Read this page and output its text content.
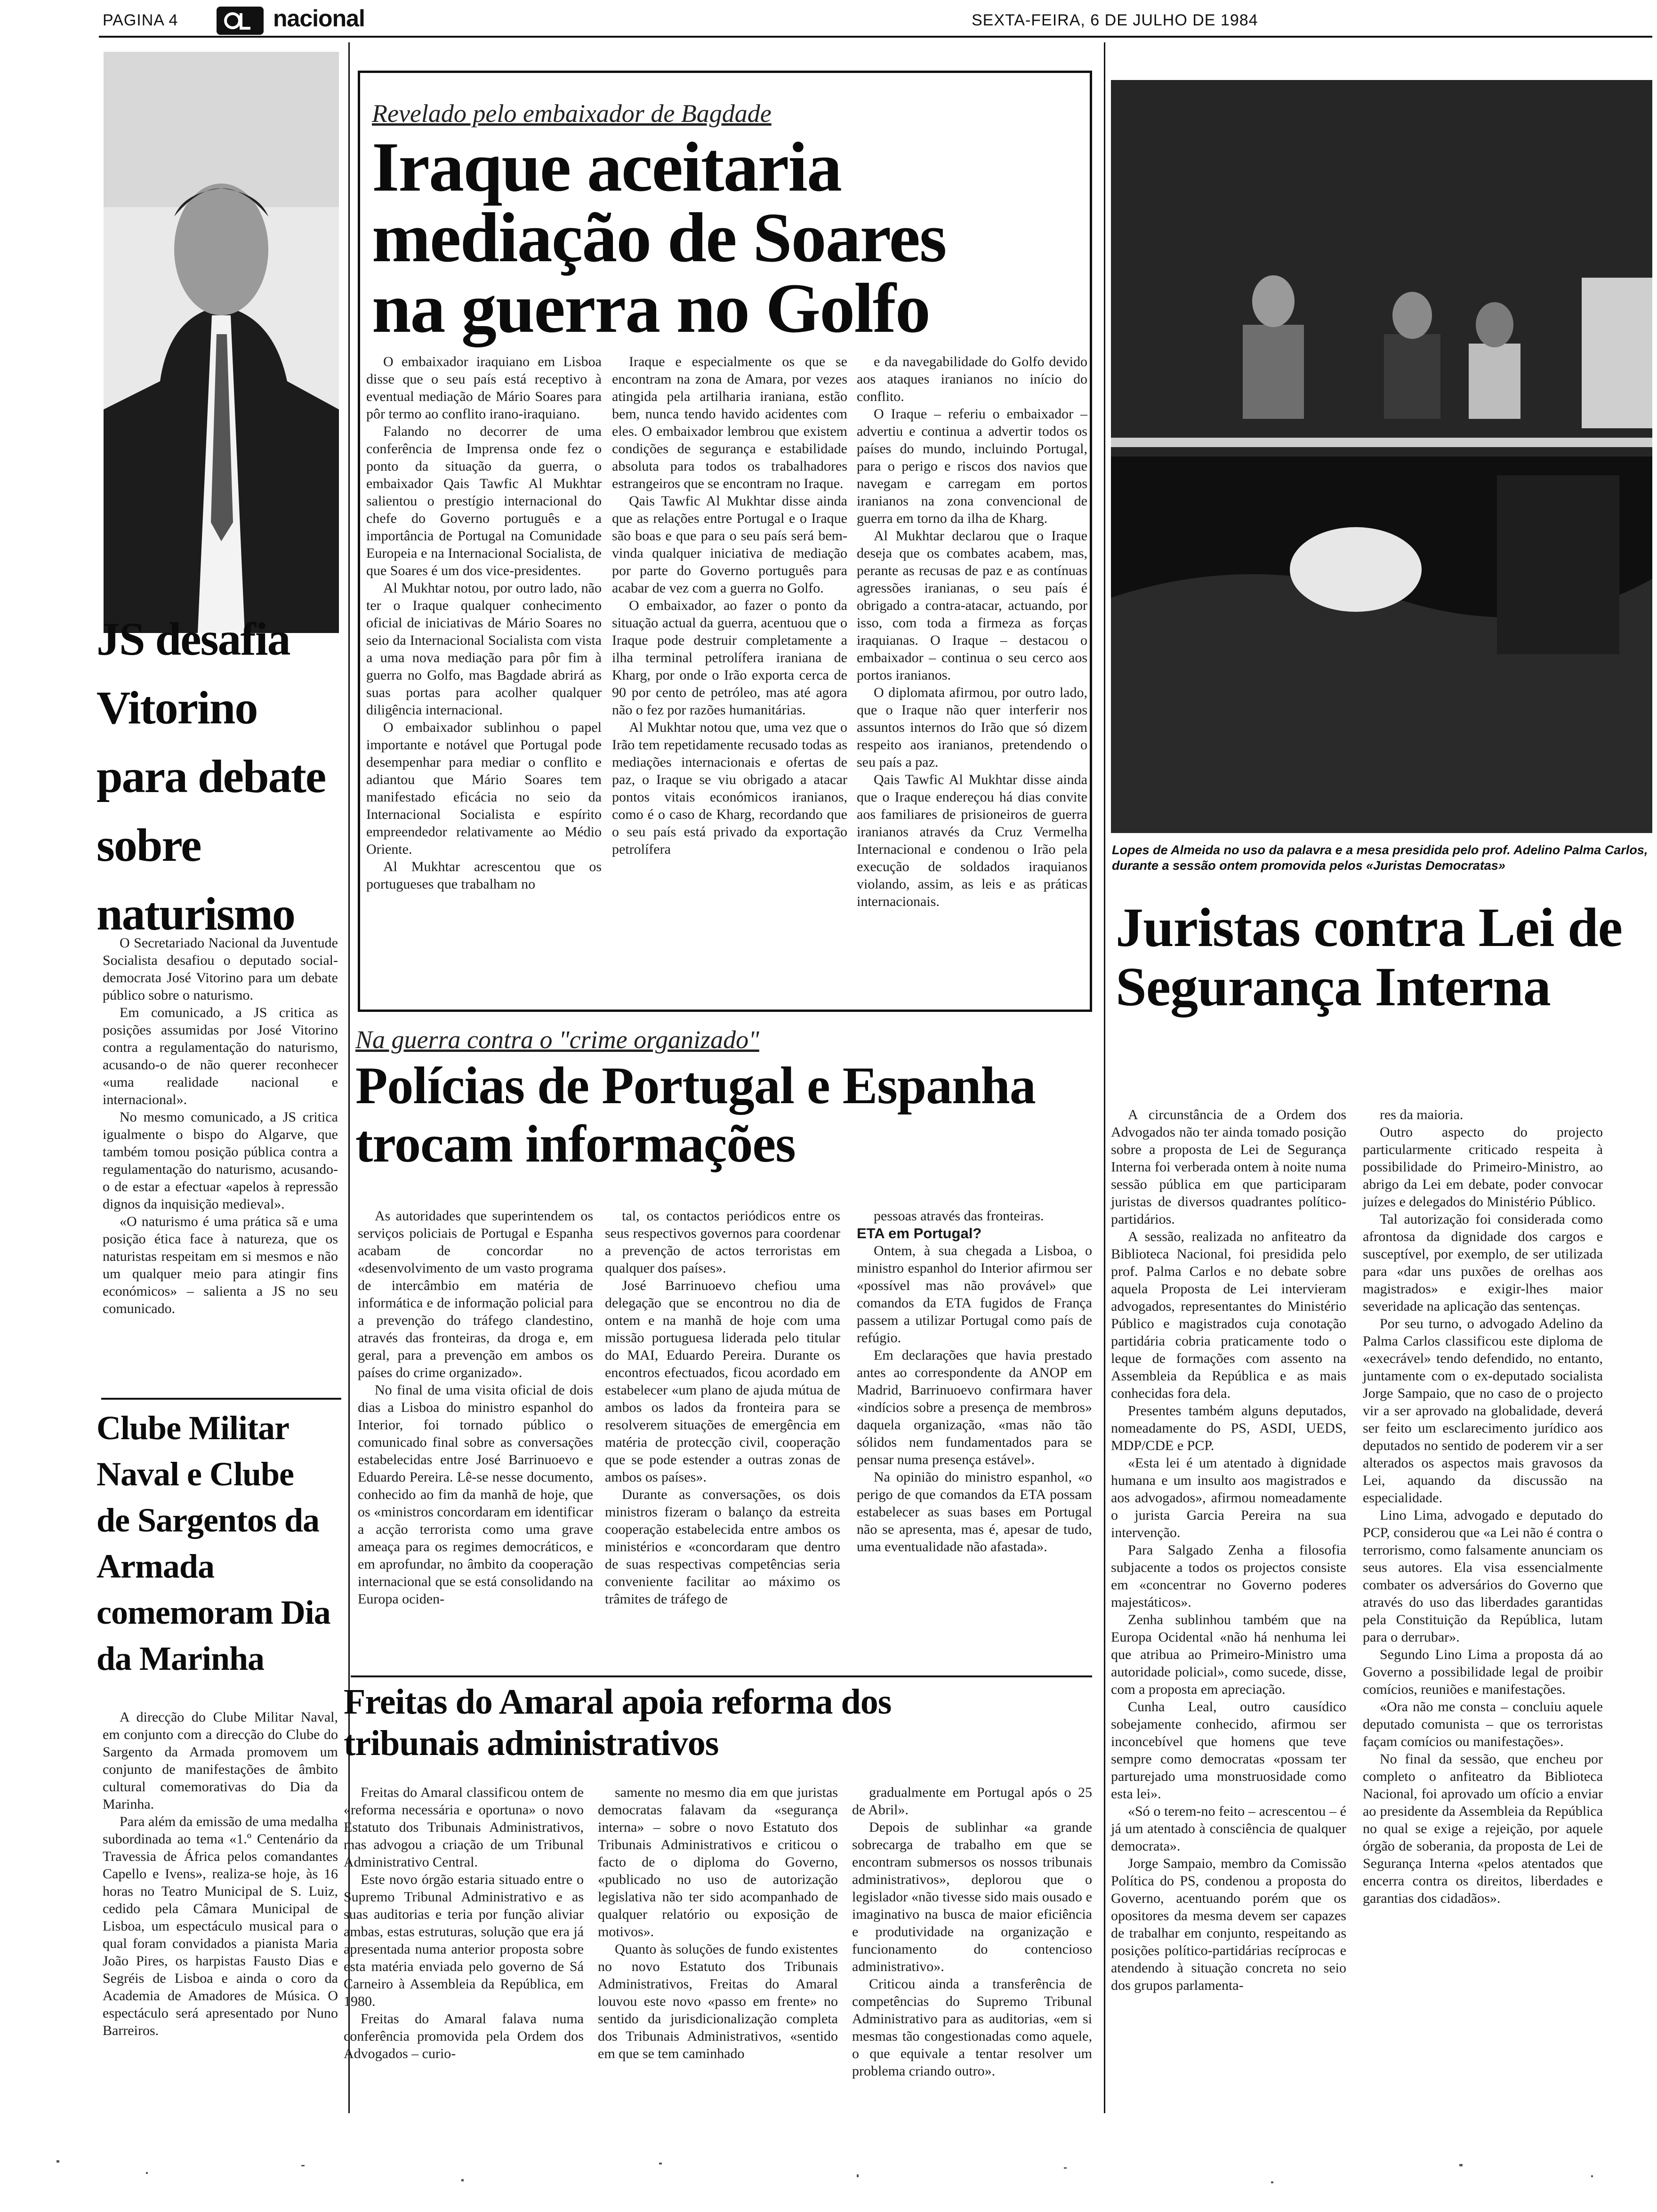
PAGINA 4	nacional	SEXTA-FEIRA, 6 DE JULHO DE 1984
JS desafia Vitorino para debate sobre naturismo

O Secretariado Nacional da Juventude Socialista desafiou o deputado social-democrata José Vitorino para um debate público sobre o naturismo.

Em comunicado, a JS critica as posições assumidas por José Vitorino contra a regulamentação do naturismo, acusando-o de não querer reconhecer «uma realidade nacional e internacional».

No mesmo comunicado, a JS critica igualmente o bispo do Algarve, que também tomou posição pública contra a regulamentação do naturismo, acusando-o de estar a efectuar «apelos à repressão dignos da inquisição medieval».

«O naturismo é uma prática sã e uma posição ética face à natureza, que os naturistas respeitam em si mesmos e não um qualquer meio para atingir fins económicos» – salienta a JS no seu comunicado.

Clube Militar Naval e Clube de Sargentos da Armada comemoram Dia da Marinha

A direcção do Clube Militar Naval, em conjunto com a direcção do Clube do Sargento da Armada promovem um conjunto de manifestações de âmbito cultural comemorativas do Dia da Marinha.

Para além da emissão de uma medalha subordinada ao tema «1.º Centenário da Travessia de África pelos comandantes Capello e Ivens», realiza-se hoje, às 16 horas no Teatro Municipal de S. Luiz, cedido pela Câmara Municipal de Lisboa, um espectáculo musical para o qual foram convidados a pianista Maria João Pires, os harpistas Fausto Dias e Segréis de Lisboa e ainda o coro da Academia de Amadores de Música. O espectáculo será apresentado por Nuno Barreiros.

Revelado pelo embaixador de Bagdade
Iraque aceitaria mediação de Soares na guerra no Golfo

O embaixador iraquiano em Lisboa disse que o seu país está receptivo à eventual mediação de Mário Soares para pôr termo ao conflito irano-iraquiano.

Falando no decorrer de uma conferência de Imprensa onde fez o ponto da situação da guerra, o embaixador Qais Tawfic Al Mukhtar salientou o prestígio internacional do chefe do Governo português e a importância de Portugal na Comunidade Europeia e na Internacional Socialista, de que Soares é um dos vice-presidentes.

Al Mukhtar notou, por outro lado, não ter o Iraque qualquer conhecimento oficial de iniciativas de Mário Soares no seio da Internacional Socialista com vista a uma nova mediação para pôr fim à guerra no Golfo, mas Bagdade abrirá as suas portas para acolher qualquer diligência internacional.

O embaixador sublinhou o papel importante e notável que Portugal pode desempenhar para mediar o conflito e adiantou que Mário Soares tem manifestado eficácia no seio da Internacional Socialista e espírito empreendedor relativamente ao Médio Oriente.

Al Mukhtar acrescentou que os portugueses que trabalham no

Iraque e especialmente os que se encontram na zona de Amara, por vezes atingida pela artilharia iraniana, estão bem, nunca tendo havido acidentes com eles. O embaixador lembrou que existem condições de segurança e estabilidade absoluta para todos os trabalhadores estrangeiros que se encontram no Iraque.

Qais Tawfic Al Mukhtar disse ainda que as relações entre Portugal e o Iraque são boas e que para o seu país será bem-vinda qualquer iniciativa de mediação por parte do Governo português para acabar de vez com a guerra no Golfo.

O embaixador, ao fazer o ponto da situação actual da guerra, acentuou que o Iraque pode destruir completamente a ilha terminal petrolífera iraniana de Kharg, por onde o Irão exporta cerca de 90 por cento de petróleo, mas até agora não o fez por razões humanitárias.

Al Mukhtar notou que, uma vez que o Irão tem repetidamente recusado todas as mediações internacionais e ofertas de paz, o Iraque se viu obrigado a atacar pontos vitais económicos iranianos, como é o caso de Kharg, recordando que o seu país está privado da exportação petrolífera

e da navegabilidade do Golfo devido aos ataques iranianos no início do conflito.

O Iraque – referiu o embaixador – advertiu e continua a advertir todos os países do mundo, incluindo Portugal, para o perigo e riscos dos navios que navegam e carregam em portos iranianos na zona convencional de guerra em torno da ilha de Kharg.

Al Mukhtar declarou que o Iraque deseja que os combates acabem, mas, perante as recusas de paz e as contínuas agressões iranianas, o seu país é obrigado a contra-atacar, actuando, por isso, com toda a firmeza as forças iraquianas. O Iraque – destacou o embaixador – continua o seu cerco aos portos iranianos.

O diplomata afirmou, por outro lado, que o Iraque não quer interferir nos assuntos internos do Irão que só dizem respeito aos iranianos, pretendendo o seu país a paz.

Qais Tawfic Al Mukhtar disse ainda que o Iraque endereçou há dias convite aos familiares de prisioneiros de guerra iranianos através da Cruz Vermelha Internacional e condenou o Irão pela execução de soldados iraquianos violando, assim, as leis e as práticas internacionais.

Na guerra contra o "crime organizado"
Polícias de Portugal e Espanha trocam informações

As autoridades que superintendem os serviços policiais de Portugal e Espanha acabam de concordar no «desenvolvimento de um vasto programa de intercâmbio em matéria de informática e de informação policial para a prevenção do tráfego clandestino, através das fronteiras, da droga e, em geral, para a prevenção em ambos os países do crime organizado».

No final de uma visita oficial de dois dias a Lisboa do ministro espanhol do Interior, foi tornado público o comunicado final sobre as conversações estabelecidas entre José Barrinuoevo e Eduardo Pereira. Lê-se nesse documento, conhecido ao fim da manhã de hoje, que os «ministros concordaram em identificar a acção terrorista como uma grave ameaça para os regimes democráticos, e em aprofundar, no âmbito da cooperação internacional que se está consolidando na Europa ociden-

tal, os contactos periódicos entre os seus respectivos governos para coordenar a prevenção de actos terroristas em qualquer dos países».

José Barrinuoevo chefiou uma delegação que se encontrou no dia de ontem e na manhã de hoje com uma missão portuguesa liderada pelo titular do MAI, Eduardo Pereira. Durante os encontros efectuados, ficou acordado em estabelecer «um plano de ajuda mútua de ambos os lados da fronteira para se resolverem situações de emergência em matéria de protecção civil, cooperação que se pode estender a outras zonas de ambos os países».

Durante as conversações, os dois ministros fizeram o balanço da estreita cooperação estabelecida entre ambos os ministérios e «concordaram que dentro de suas respectivas competências seria conveniente facilitar ao máximo os trâmites de tráfego de

pessoas através das fronteiras.

ETA em Portugal?

Ontem, à sua chegada a Lisboa, o ministro espanhol do Interior afirmou ser «possível mas não provável» que comandos da ETA fugidos de França passem a utilizar Portugal como país de refúgio.

Em declarações que havia prestado antes ao correspondente da ANOP em Madrid, Barrinuoevo confirmara haver «indícios sobre a presença de membros» daquela organização, «mas não tão sólidos nem fundamentados para se pensar numa presença estável».

Na opinião do ministro espanhol, «o perigo de que comandos da ETA possam estabelecer as suas bases em Portugal não se apresenta, mas é, apesar de tudo, uma eventualidade não afastada».

Freitas do Amaral apoia reforma dos tribunais administrativos

Freitas do Amaral classificou ontem de «reforma necessária e oportuna» o novo Estatuto dos Tribunais Administrativos, mas advogou a criação de um Tribunal Administrativo Central.

Este novo órgão estaria situado entre o Supremo Tribunal Administrativo e as suas auditorias e teria por função aliviar ambas, estas estruturas, solução que era já apresentada numa anterior proposta sobre esta matéria enviada pelo governo de Sá Carneiro à Assembleia da República, em 1980.

Freitas do Amaral falava numa conferência promovida pela Ordem dos Advogados – curio-

samente no mesmo dia em que juristas democratas falavam da «segurança interna» – sobre o novo Estatuto dos Tribunais Administrativos e criticou o facto de o diploma do Governo, «publicado no uso de autorização legislativa não ter sido acompanhado de qualquer relatório ou exposição de motivos».

Quanto às soluções de fundo existentes no novo Estatuto dos Tribunais Administrativos, Freitas do Amaral louvou este novo «passo em frente» no sentido da jurisdicionalização completa dos Tribunais Administrativos, «sentido em que se tem caminhado

gradualmente em Portugal após o 25 de Abril».

Depois de sublinhar «a grande sobrecarga de trabalho em que se encontram submersos os nossos tribunais administrativos», deplorou que o legislador «não tivesse sido mais ousado e imaginativo na busca de maior eficiência e produtividade na organização e funcionamento do contencioso administrativo».

Criticou ainda a transferência de competências do Supremo Tribunal Administrativo para as auditorias, «em si mesmas tão congestionadas como aquele, o que equivale a tentar resolver um problema criando outro».

Lopes de Almeida no uso da palavra e a mesa presidida pelo prof. Adelino Palma Carlos, durante a sessão ontem promovida pelos «Juristas Democratas»
Juristas contra Lei de Segurança Interna

A circunstância de a Ordem dos Advogados não ter ainda tomado posição sobre a proposta de Lei de Segurança Interna foi verberada ontem à noite numa sessão pública em que participaram juristas de diversos quadrantes político-partidários.

A sessão, realizada no anfiteatro da Biblioteca Nacional, foi presidida pelo prof. Palma Carlos e no debate sobre aquela Proposta de Lei intervieram advogados, representantes do Ministério Público e magistrados cuja conotação partidária cobria praticamente todo o leque de formações com assento na Assembleia da República e as mais conhecidas fora dela.

Presentes também alguns deputados, nomeadamente do PS, ASDI, UEDS, MDP/CDE e PCP.

«Esta lei é um atentado à dignidade humana e um insulto aos magistrados e aos advogados», afirmou nomeadamente o jurista Garcia Pereira na sua intervenção.

Para Salgado Zenha a filosofia subjacente a todos os projectos consiste em «concentrar no Governo poderes majestáticos».

Zenha sublinhou também que na Europa Ocidental «não há nenhuma lei que atribua ao Primeiro-Ministro uma autoridade policial», como sucede, disse, com a proposta em apreciação.

Cunha Leal, outro causídico sobejamente conhecido, afirmou ser inconcebível que homens que teve sempre como democratas «possam ter parturejado uma monstruosidade como esta lei».

«Só o terem-no feito – acrescentou – é já um atentado à consciência de qualquer democrata».

Jorge Sampaio, membro da Comissão Política do PS, condenou a proposta do Governo, acentuando porém que os opositores da mesma devem ser capazes de trabalhar em conjunto, respeitando as posições político-partidárias recíprocas e atendendo à situação concreta no seio dos grupos parlamenta-

res da maioria.

Outro aspecto do projecto particularmente criticado respeita à possibilidade do Primeiro-Ministro, ao abrigo da Lei em debate, poder convocar juízes e delegados do Ministério Público.

Tal autorização foi considerada como afrontosa da dignidade dos cargos e susceptível, por exemplo, de ser utilizada para «dar uns puxões de orelhas aos magistrados» e exigir-lhes maior severidade na aplicação das sentenças.

Por seu turno, o advogado Adelino da Palma Carlos classificou este diploma de «execrável» tendo defendido, no entanto, juntamente com o ex-deputado socialista Jorge Sampaio, que no caso de o projecto vir a ser aprovado na globalidade, deverá ser feito um esclarecimento jurídico aos deputados no sentido de poderem vir a ser alterados os aspectos mais gravosos da Lei, aquando da discussão na especialidade.

Lino Lima, advogado e deputado do PCP, considerou que «a Lei não é contra o terrorismo, como falsamente anunciam os seus autores. Ela visa essencialmente combater os adversários do Governo que através do uso das liberdades garantidas pela Constituição da República, lutam para o derrubar».

Segundo Lino Lima a proposta dá ao Governo a possibilidade legal de proibir comícios, reuniões e manifestações.

«Ora não me consta – concluiu aquele deputado comunista – que os terroristas façam comícios ou manifestações».

No final da sessão, que encheu por completo o anfiteatro da Biblioteca Nacional, foi aprovado um ofício a enviar ao presidente da Assembleia da República no qual se exige a rejeição, por aquele órgão de soberania, da proposta de Lei de Segurança Interna «pelos atentados que encerra contra os direitos, liberdades e garantias dos cidadãos».
